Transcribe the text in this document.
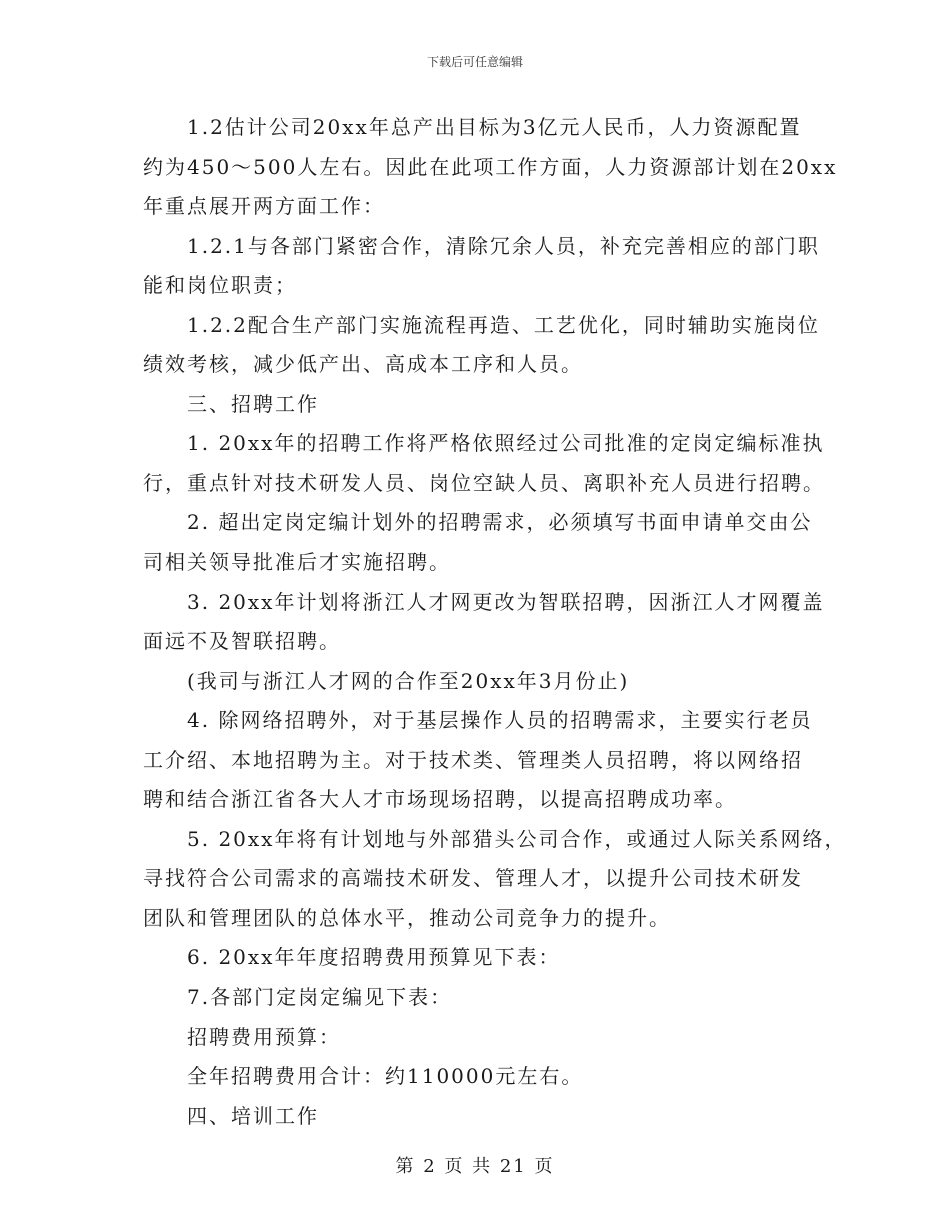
下载后可任意编辑
1.2估计公司20xx年总产出目标为3亿元人民币，人力资源配置
约为450～500人左右。因此在此项工作方面，人力资源部计划在20xx
年重点展开两方面工作：
1.2.1与各部门紧密合作，清除冗余人员，补充完善相应的部门职
能和岗位职责；
1.2.2配合生产部门实施流程再造、工艺优化，同时辅助实施岗位
绩效考核，减少低产出、高成本工序和人员。
三、招聘工作
1. 20xx年的招聘工作将严格依照经过公司批准的定岗定编标准执
行，重点针对技术研发人员、岗位空缺人员、离职补充人员进行招聘。
2. 超出定岗定编计划外的招聘需求，必须填写书面申请单交由公
司相关领导批准后才实施招聘。
3. 20xx年计划将浙江人才网更改为智联招聘，因浙江人才网覆盖
面远不及智联招聘。
(我司与浙江人才网的合作至20xx年3月份止)
4. 除网络招聘外，对于基层操作人员的招聘需求，主要实行老员
工介绍、本地招聘为主。对于技术类、管理类人员招聘，将以网络招
聘和结合浙江省各大人才市场现场招聘，以提高招聘成功率。
5. 20xx年将有计划地与外部猎头公司合作，或通过人际关系网络，
寻找符合公司需求的高端技术研发、管理人才，以提升公司技术研发
团队和管理团队的总体水平，推动公司竞争力的提升。
6. 20xx年年度招聘费用预算见下表：
7.各部门定岗定编见下表：
招聘费用预算：
全年招聘费用合计：约110000元左右。
四、培训工作
第 2 页 共 21 页
